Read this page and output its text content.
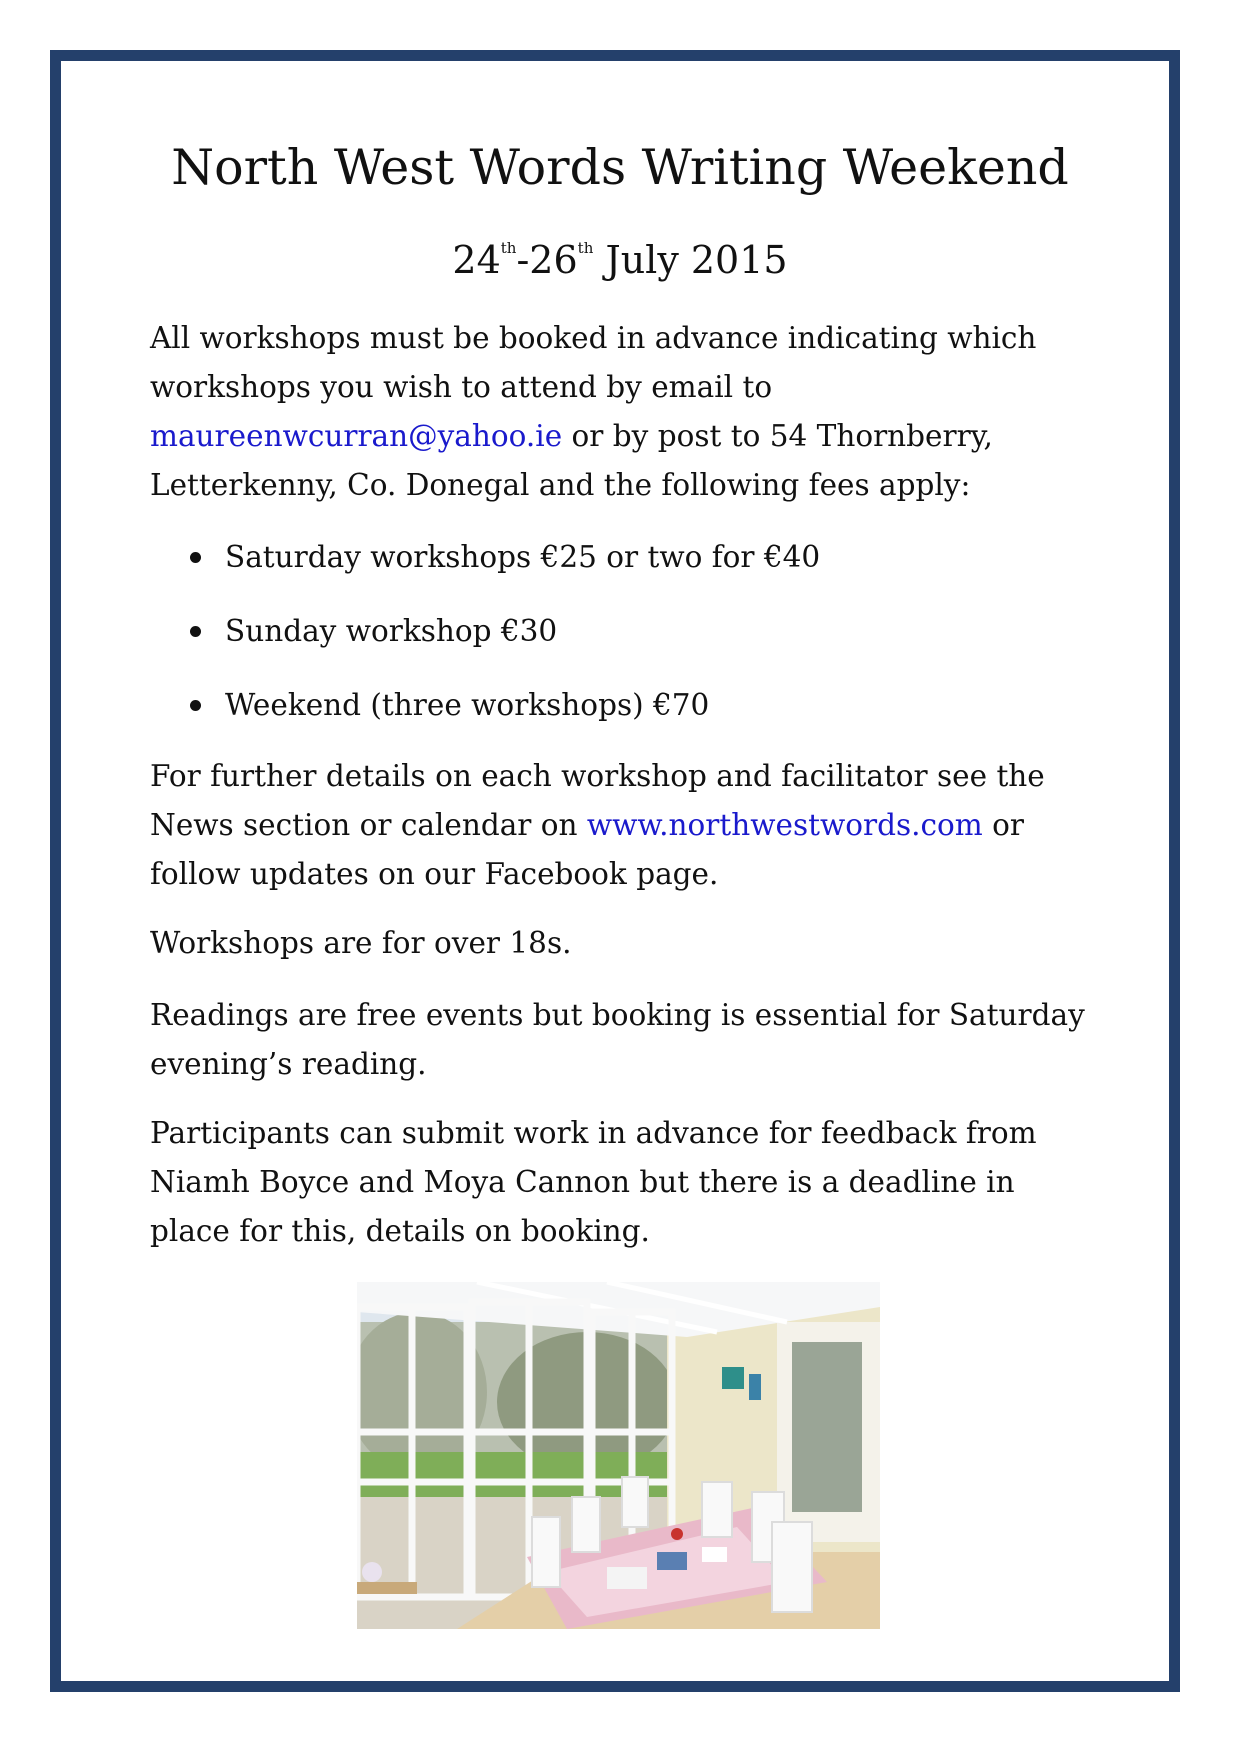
North West Words Writing Weekend
24th-26th July 2015

All workshops must be booked in advance indicating which workshops you wish to attend by email to maureenwcurran@yahoo.ie or by post to 54 Thornberry, Letterkenny, Co. Donegal and the following fees apply:

Saturday workshops €25 or two for €40
Sunday workshop €30
Weekend (three workshops) €70

For further details on each workshop and facilitator see the News section or calendar on www.northwestwords.com or follow updates on our Facebook page.

Workshops are for over 18s.

Readings are free events but booking is essential for Saturday evening’s reading.

Participants can submit work in advance for feedback from Niamh Boyce and Moya Cannon but there is a deadline in place for this, details on booking.
